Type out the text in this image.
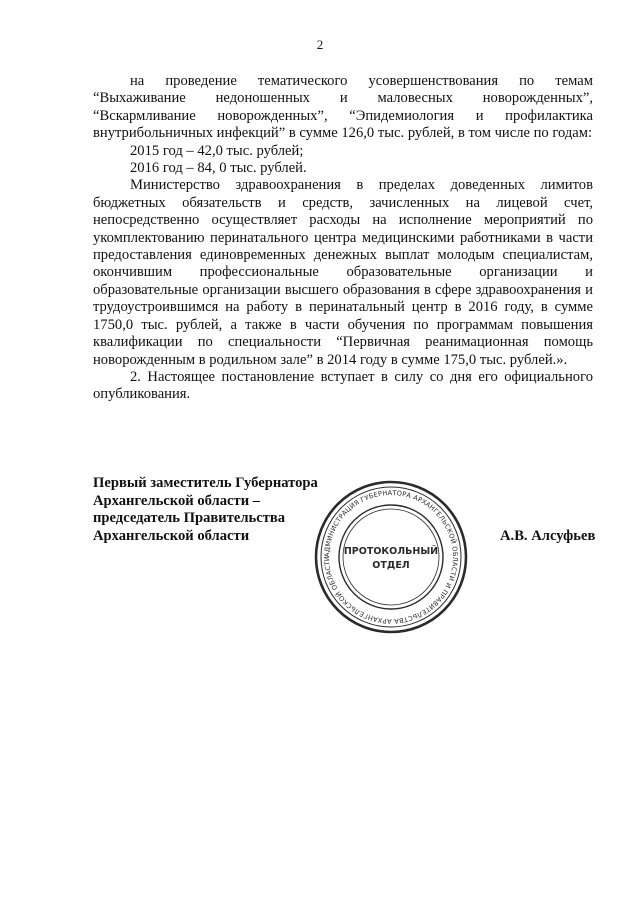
2

на проведение тематического усовершенствования по темам “Выхаживание недоношенных и маловесных новорожденных”, “Вскармливание новорожденных”, “Эпидемиология и профилактика внутрибольничных инфекций” в сумме 126,0 тыс. рублей, в том числе по годам:

2015 год – 42,0 тыс. рублей;

2016 год – 84, 0 тыс. рублей.

Министерство здравоохранения в пределах доведенных лимитов бюджетных обязательств и средств, зачисленных на лицевой счет, непосредственно осуществляет расходы на исполнение мероприятий по укомплектованию перинатального центра медицинскими работниками в части предоставления единовременных денежных выплат молодым специалистам, окончившим профессиональные образовательные организации и образовательные организации высшего образования в сфере здравоохранения и трудоустроившимся на работу в перинатальный центр в 2016 году, в сумме 1750,0 тыс. рублей, а также в части обучения по программам повышения квалификации по специальности “Первичная реанимационная помощь новорожденным в родильном зале” в 2014 году в сумме 175,0 тыс. рублей.».

2. Настоящее постановление вступает в силу со дня его официального опубликования.

Первый заместитель Губернатора
Архангельской области –
председатель Правительства
Архангельской области	А.В. Алсуфьев
АДМИНИСТРАЦИЯ ГУБЕРНАТОРА АРХАНГЕЛЬСКОЙ ОБЛАСТИ И ПРАВИТЕЛЬСТВА АРХАНГЕЛЬСКОЙ ОБЛАСТИ
ПРОТОКОЛЬНЫЙ
ОТДЕЛ
